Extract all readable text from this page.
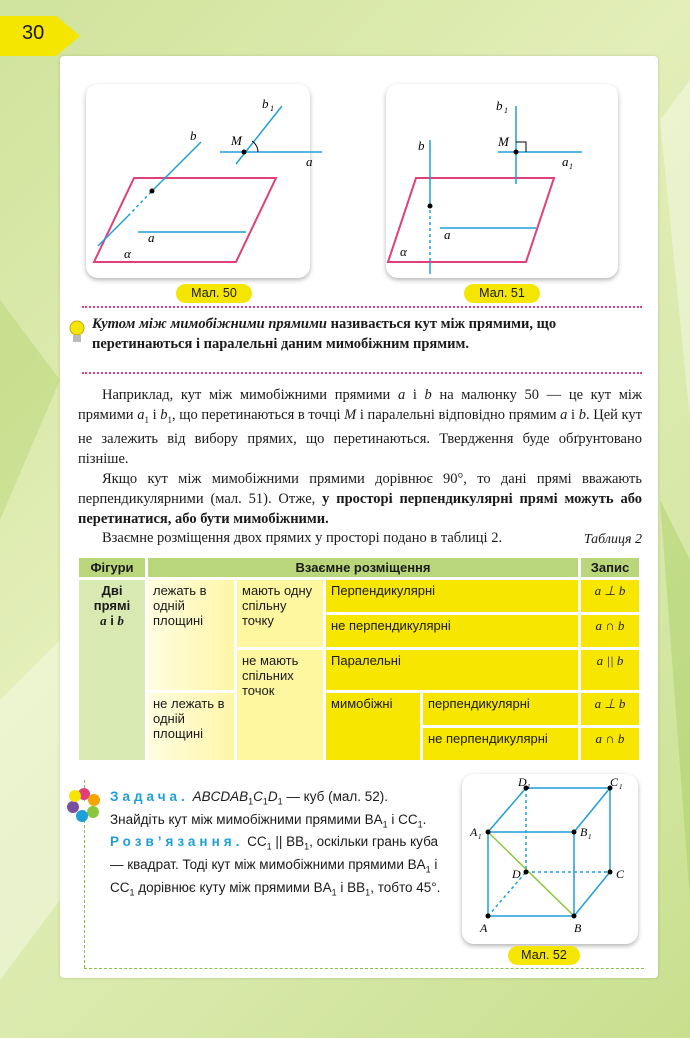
30
b
b 1
M
a
a
α
Мал. 50
b
b 1
M
a 1
a
α
Мал. 51
Кутом між мимобіжними прямими називається кут між прямими, що перетинаються і паралельні даним мимобіжним прямим.

Наприклад, кут між мимобіжними прямими a і b на малюнку 50 — це кут між прямими $a_1$ і $b_1$, що перетинаються в точці M і паралельні відповідно прямим a і b. Цей кут не залежить від вибору прямих, що перетинаються. Твердження буде обґрунтовано пізніше.

Якщо кут між мимобіжними прямими дорівнює 90°, то дані прямі вважають перпендикулярними (мал. 51). Отже, у просторі перпендикулярні прямі можуть або перетинатися, або бути мимобіжними.

Взаємне розміщення двох прямих у просторі подано в таблиці 2.	Таблиця 2
Фігури	Взаємне розміщення				Запис

Дві
прямі
a і b	лежать в одній площині	мають одну спільну точку	Перпендикулярні		a ⊥ b
			не перпендикулярні		a ∩ b
		не мають спільних точок	Паралельні		a || b
	не лежать в одній площині		мимобіжні	перпендикулярні	a ⊥ b
				не перпендикулярні	a ∩ b
Задача. $ABCDAB_1C_1D_1$ — куб (мал. 52). Знайдіть кут між мимобіжними прямими $BA_1$ і $CC_1$.
Розв’язання. $CC_1$ || $BB_1$, оскільки грань куба — квадрат. Тоді кут між мимобіжними прямими $BA_1$ і $CC_1$ дорівнює куту між прямими $BA_1$ і $BB_1$, тобто 45°.
D 1	C 1
A 1	B 1
D	C
A	B
Мал. 52
